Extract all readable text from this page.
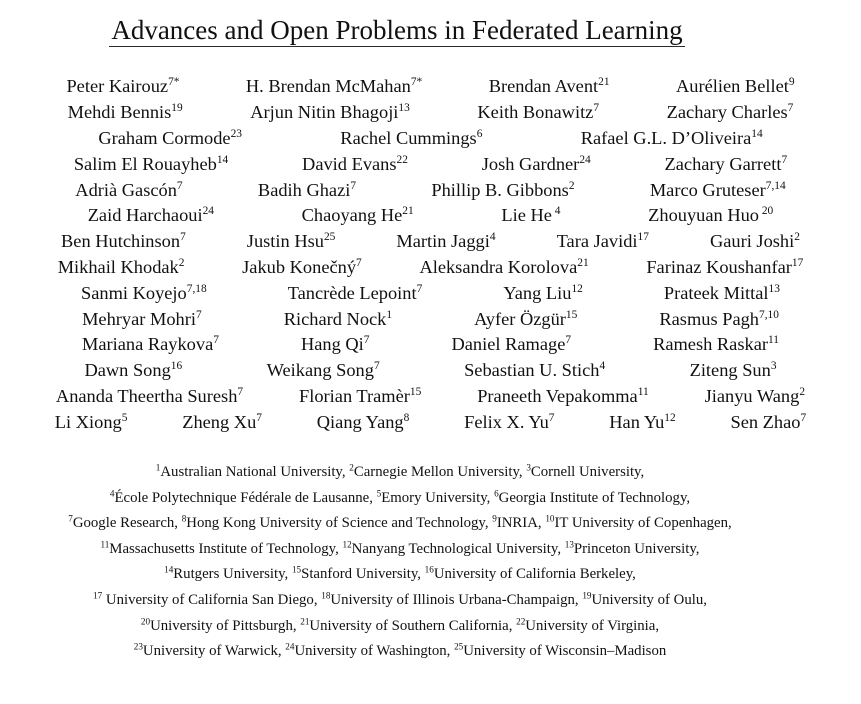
Advances and Open Problems in Federated Learning
Peter Kairouz$^{7*}$	H. Brendan McMahan$^{7*}$	Brendan Avent$^{21}$	Aurélien Bellet$^9$
Mehdi Bennis$^{19}$	Arjun Nitin Bhagoji$^{13}$	Keith Bonawitz$^7$	Zachary Charles$^7$
Graham Cormode$^{23}$	Rachel Cummings$^6$	Rafael G.L. D’Oliveira$^{14}$
Salim El Rouayheb$^{14}$	David Evans$^{22}$	Josh Gardner$^{24}$	Zachary Garrett$^7$
Adrià Gascón$^7$	Badih Ghazi$^7$	Phillip B. Gibbons$^2$	Marco Gruteser$^{7,14}$
Zaid Harchaoui$^{24}$	Chaoyang He$^{21}$	Lie He $^4$	Zhouyuan Huo $^{20}$
Ben Hutchinson$^7$	Justin Hsu$^{25}$	Martin Jaggi$^4$	Tara Javidi$^{17}$	Gauri Joshi$^2$
Mikhail Khodak$^2$	Jakub Konečný$^7$	Aleksandra Korolova$^{21}$	Farinaz Koushanfar$^{17}$
Sanmi Koyejo$^{7,18}$	Tancrède Lepoint$^7$	Yang Liu$^{12}$	Prateek Mittal$^{13}$
Mehryar Mohri$^7$	Richard Nock$^1$	Ayfer Özgür$^{15}$	Rasmus Pagh$^{7,10}$
Mariana Raykova$^7$	Hang Qi$^7$	Daniel Ramage$^7$	Ramesh Raskar$^{11}$
Dawn Song$^{16}$	Weikang Song$^7$	Sebastian U. Stich$^4$	Ziteng Sun$^3$
Ananda Theertha Suresh$^7$	Florian Tramèr$^{15}$	Praneeth Vepakomma$^{11}$	Jianyu Wang$^2$
Li Xiong$^5$	Zheng Xu$^7$	Qiang Yang$^8$	Felix X. Yu$^7$	Han Yu$^{12}$	Sen Zhao$^7$
$^1$Australian National University, $^2$Carnegie Mellon University, $^3$Cornell University,
$^4$École Polytechnique Fédérale de Lausanne, $^5$Emory University, $^6$Georgia Institute of Technology,
$^7$Google Research, $^8$Hong Kong University of Science and Technology, $^9$INRIA, $^{10}$IT University of Copenhagen,
$^{11}$Massachusetts Institute of Technology, $^{12}$Nanyang Technological University, $^{13}$Princeton University,
$^{14}$Rutgers University, $^{15}$Stanford University, $^{16}$University of California Berkeley,
$^{17}$ University of California San Diego, $^{18}$University of Illinois Urbana-Champaign, $^{19}$University of Oulu,
$^{20}$University of Pittsburgh, $^{21}$University of Southern California, $^{22}$University of Virginia,
$^{23}$University of Warwick, $^{24}$University of Washington, $^{25}$University of Wisconsin–Madison
